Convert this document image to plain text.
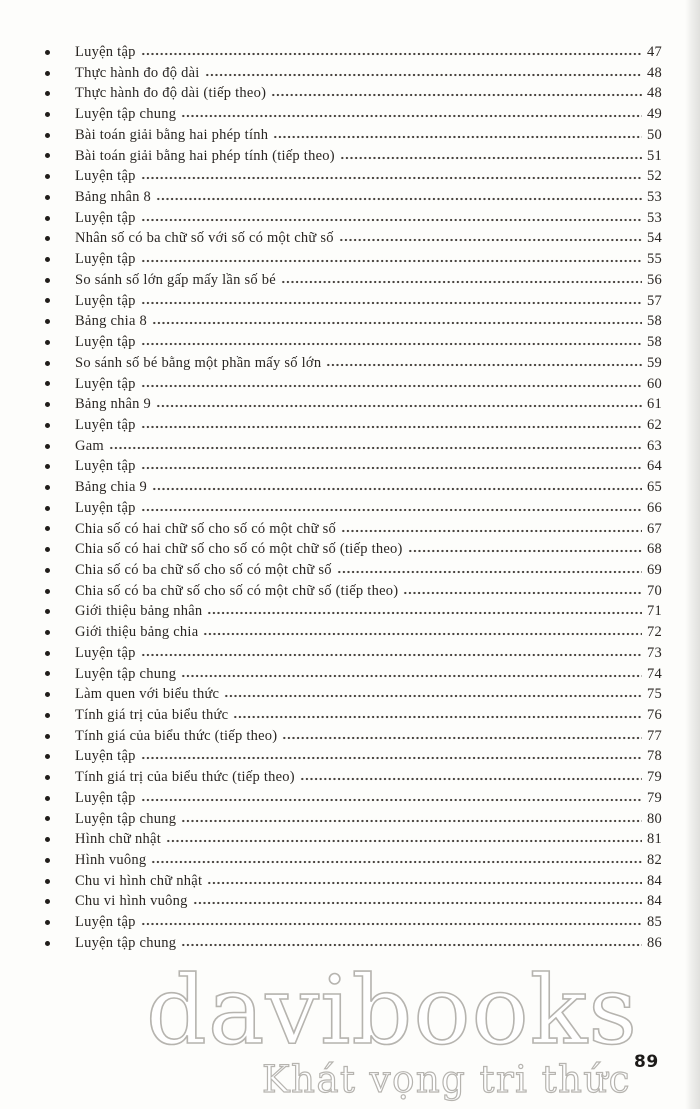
Luyện tập	47
Thực hành đo độ dài	48
Thực hành đo độ dài (tiếp theo)	48
Luyện tập chung	49
Bài toán giải bằng hai phép tính	50
Bài toán giải bằng hai phép tính (tiếp theo)	51
Luyện tập	52
Bảng nhân 8	53
Luyện tập	53
Nhân số có ba chữ số với số có một chữ số	54
Luyện tập	55
So sánh số lớn gấp mấy lần số bé	56
Luyện tập	57
Bảng chia 8	58
Luyện tập	58
So sánh số bé bằng một phần mấy số lớn	59
Luyện tập	60
Bảng nhân 9	61
Luyện tập	62
Gam	63
Luyện tập	64
Bảng chia 9	65
Luyện tập	66
Chia số có hai chữ số cho số có một chữ số	67
Chia số có hai chữ số cho số có một chữ số (tiếp theo)	68
Chia số có ba chữ số cho số có một chữ số	69
Chia số có ba chữ số cho số có một chữ số (tiếp theo)	70
Giới thiệu bảng nhân	71
Giới thiệu bảng chia	72
Luyện tập	73
Luyện tập chung	74
Làm quen với biểu thức	75
Tính giá trị của biểu thức	76
Tính giá của biểu thức (tiếp theo)	77
Luyện tập	78
Tính giá trị của biểu thức (tiếp theo)	79
Luyện tập	79
Luyện tập chung	80
Hình chữ nhật	81
Hình vuông	82
Chu vi hình chữ nhật	84
Chu vi hình vuông	84
Luyện tập	85
Luyện tập chung	86
davibooks
Khát vọng tri thức 89
